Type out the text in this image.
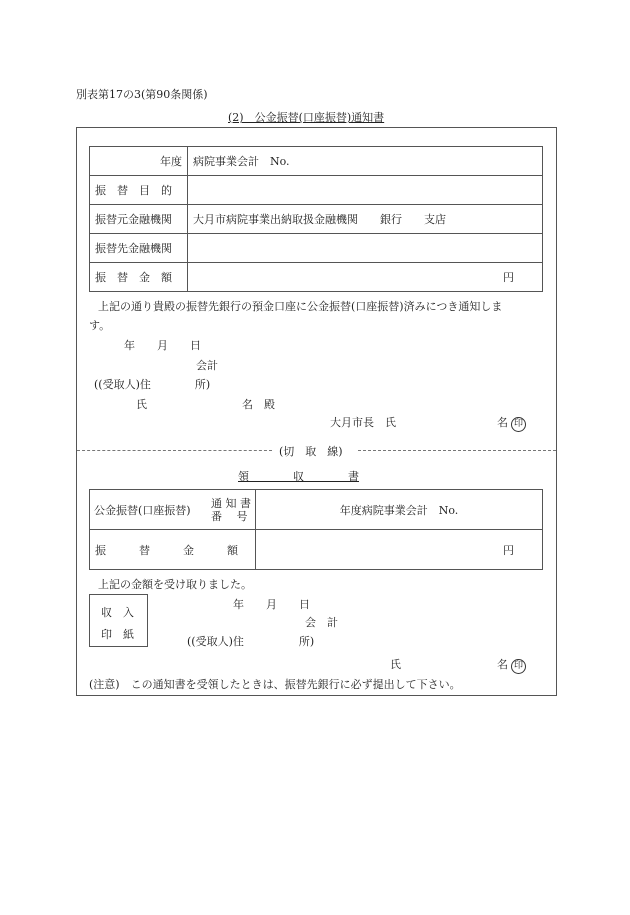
別表第17の3(第90条関係)
(2)　公金振替(口座振替)通知書
年度	病院事業会計　No.
振　替　目　的	
振替元金融機関	大月市病院事業出納取扱金融機関　　銀行　　支店
振替先金融機関	
振　替　金　額	円
上記の通り貴殿の振替先銀行の預金口座に公金振替(口座振替)済みにつき通知しま
す。
年　　月　　日
会計
((受取人)住　　　　所)
氏	名　殿
大月市長　氏	名 印
(切　取　線)
領　　　　収　　　　書
公金振替(口座振替)
通 知 書
番　 号	年度病院事業会計　No.
振　　　替　　　金　　　額	円
上記の金額を受け取りました。
収　入
印　紙
年　　月　　日
会　計
((受取人)住　　　　　所)
氏	名 印
(注意)　この通知書を受領したときは、振替先銀行に必ず提出して下さい。
